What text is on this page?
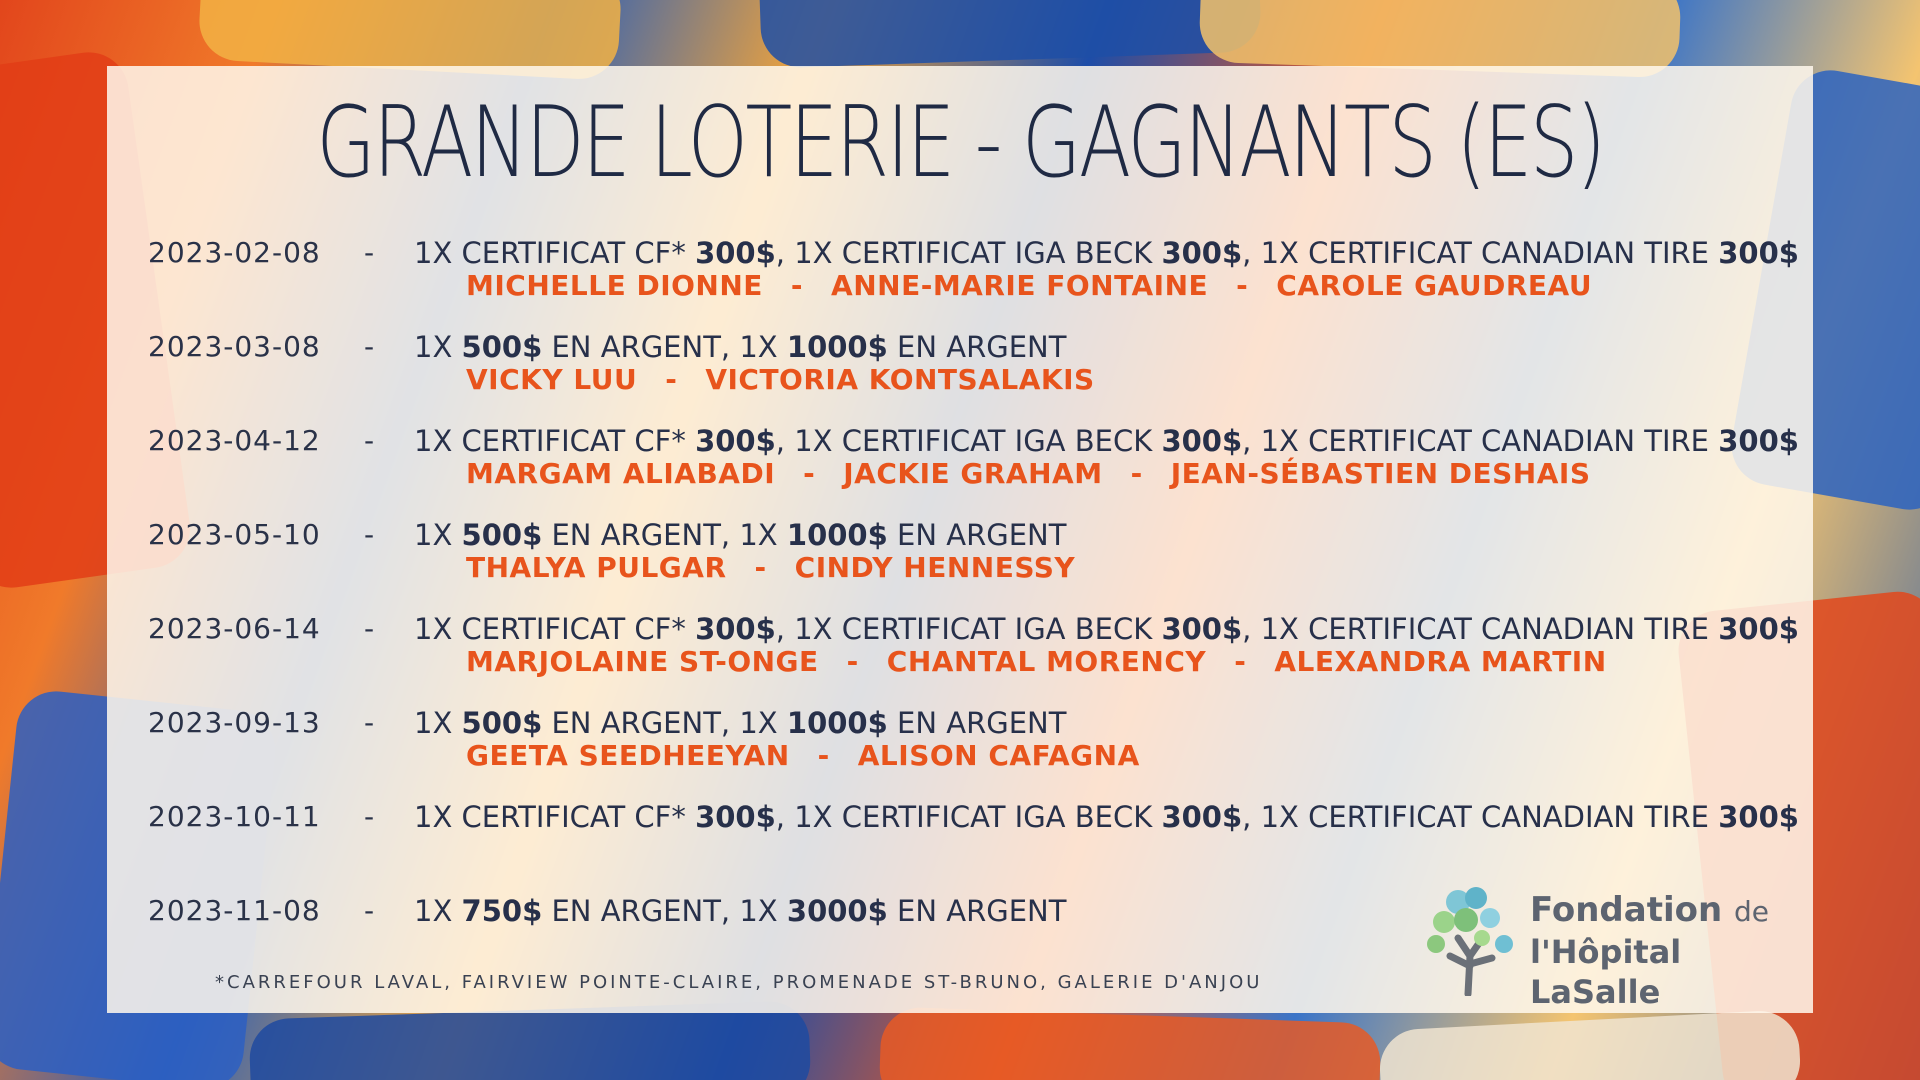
GRANDE LOTERIE - GAGNANTS (ES)
2023-02-08 - 1X CERTIFICAT CF* 300$, 1X CERTIFICAT IGA BECK 300$, 1X CERTIFICAT CANADIAN TIRE 300$
MICHELLE DIONNE - ANNE-MARIE FONTAINE - CAROLE GAUDREAU
2023-03-08 - 1X 500$ EN ARGENT, 1X 1000$ EN ARGENT
VICKY LUU - VICTORIA KONTSALAKIS
2023-04-12 - 1X CERTIFICAT CF* 300$, 1X CERTIFICAT IGA BECK 300$, 1X CERTIFICAT CANADIAN TIRE 300$
MARGAM ALIABADI - JACKIE GRAHAM - JEAN-SÉBASTIEN DESHAIS
2023-05-10 - 1X 500$ EN ARGENT, 1X 1000$ EN ARGENT
THALYA PULGAR - CINDY HENNESSY
2023-06-14 - 1X CERTIFICAT CF* 300$, 1X CERTIFICAT IGA BECK 300$, 1X CERTIFICAT CANADIAN TIRE 300$
MARJOLAINE ST-ONGE - CHANTAL MORENCY - ALEXANDRA MARTIN
2023-09-13 - 1X 500$ EN ARGENT, 1X 1000$ EN ARGENT
GEETA SEEDHEEYAN - ALISON CAFAGNA
2023-10-11 - 1X CERTIFICAT CF* 300$, 1X CERTIFICAT IGA BECK 300$, 1X CERTIFICAT CANADIAN TIRE 300$
2023-11-08 - 1X 750$ EN ARGENT, 1X 3000$ EN ARGENT
*CARREFOUR LAVAL, FAIRVIEW POINTE-CLAIRE, PROMENADE ST-BRUNO, GALERIE D'ANJOU
Fondation de
l'Hôpital LaSalle
